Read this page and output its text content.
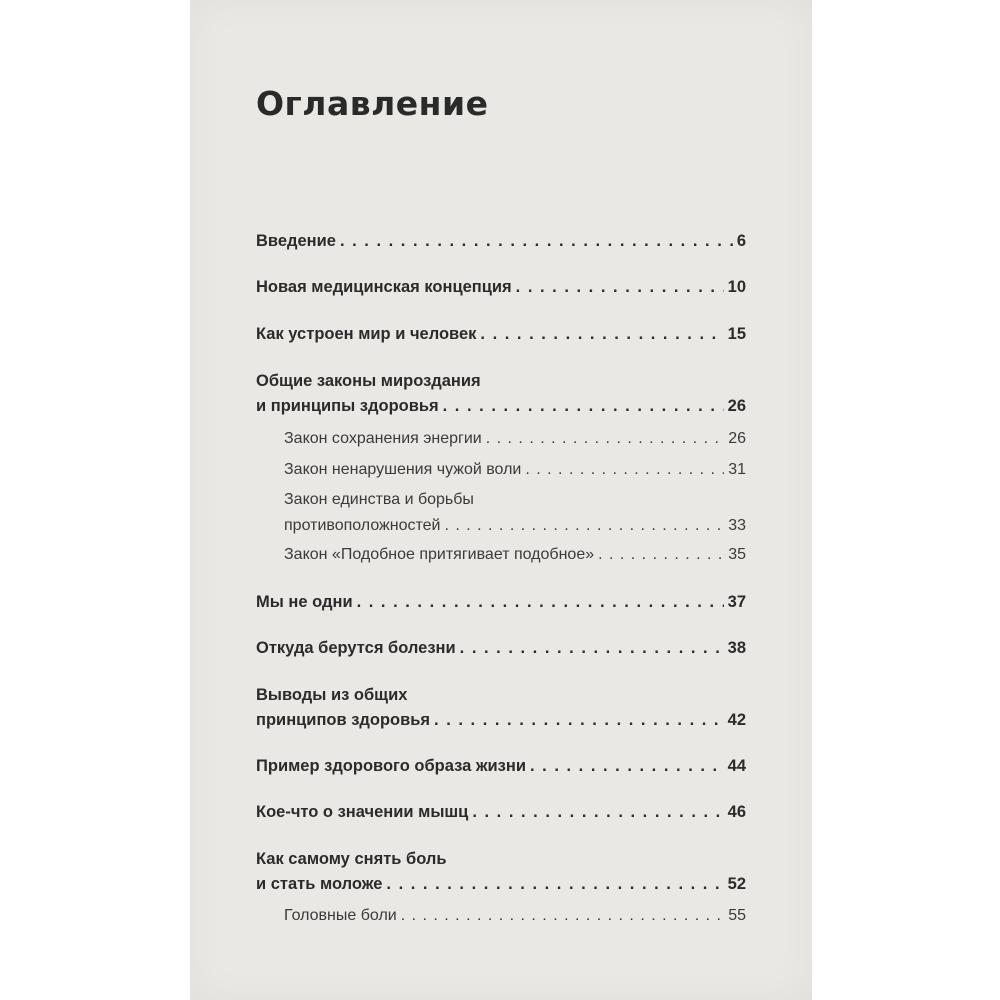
Оглавление
Введение . . .	6
Новая медицинская концепция . . .	10
Как устроен мир и человек . . .	15
Общие законы мироздания
и принципы здоровья . . .	26
Закон сохранения энергии . . .	26
Закон ненарушения чужой воли . . .	31
Закон единства и борьбы
противоположностей . . .	33
Закон «Подобное притягивает подобное» . . .	35
Мы не одни . . .	37
Откуда берутся болезни . . .	38
Выводы из общих
принципов здоровья . . .	42
Пример здорового образа жизни . . .	44
Кое-что о значении мышц . . .	46
Как самому снять боль
и стать моложе . . .	52
Головные боли . . .	55
